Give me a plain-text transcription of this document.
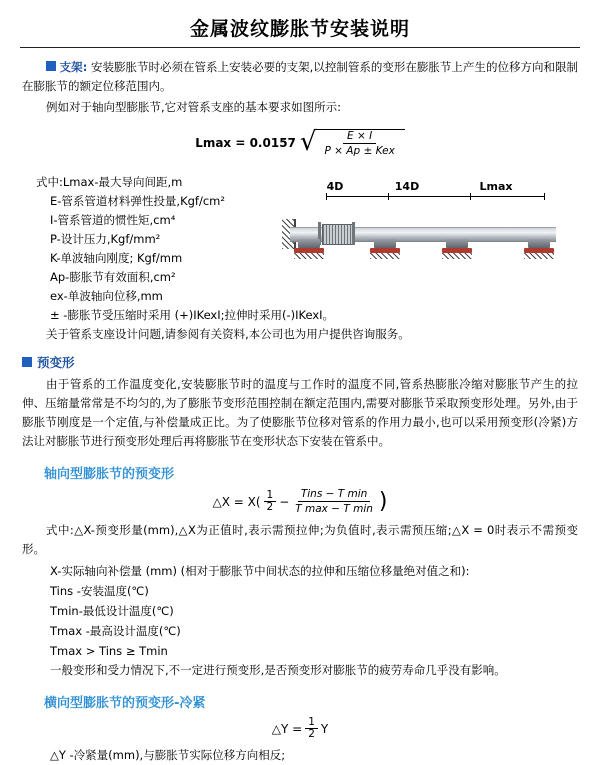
金属波纹膨胀节安装说明

支架: 安装膨胀节时必须在管系上安装必要的支架,以控制管系的变形在膨胀节上产生的位移方向和限制在膨胀节的额定位移范围内。

例如对于轴向型膨胀节,它对管系支座的基本要求如图所示:

Lmax = 0.0157 √
$\frac{E \times I}{\text{P × Ap ± Kex}}$
式中:Lmax-最大导向间距,m
E-管系管道材料弹性投量,Kgf/cm²
I-管系管道的惯性矩,cm⁴
P-设计压力,Kgf/mm²
K-单波轴向刚度; Kgf/mm
Ap-膨胀节有效面积,cm²
ex-单波轴向位移,mm
4D	14D	Lmax

± -膨胀节受压缩时采用 (+)ⅠKexⅠ;拉伸时采用(-)ⅠKexⅠ。

关于管系支座设计问题,请参阅有关资料,本公司也为用户提供咨询服务。

预变形

由于管系的工作温度变化,安装膨胀节时的温度与工作时的温度不同,管系热膨胀冷缩对膨胀节产生的拉伸、压缩量常常是不均匀的,为了膨胀节变形范围控制在额定范围内,需要对膨胀节采取预变形处理。另外,由于膨胀节刚度是一个定值,与补偿量成正比。为了使膨胀节位移对管系的作用力最小,也可以采用预变形(冷紧)方法让对膨胀节进行预变形处理后再将膨胀节在变形状态下安装在管系中。

轴向型膨胀节的预变形
△X = $X( \frac{1}{2}$ −
Tins − T min
T max − T min )

式中:△X-预变形量(mm),△X为正值时,表示需预拉伸;为负值时,表示需预压缩;△X = 0时表示不需预变形。

X-实际轴向补偿量 (mm) (相对于膨胀节中间状态的拉伸和压缩位移量绝对值之和):
Tins -安装温度(℃)
Tmin-最低设计温度(℃)
Tmax -最高设计温度(℃)
Tmax > Tins ≥ Tmin

一般变形和受力情况下,不一定进行预变形,是否预变形对膨胀节的疲劳寿命几乎没有影响。

横向型膨胀节的预变形-冷紧
△Y = $\frac{1}{2}$ Y

△Y -冷紧量(mm),与膨胀节实际位移方向相反;
